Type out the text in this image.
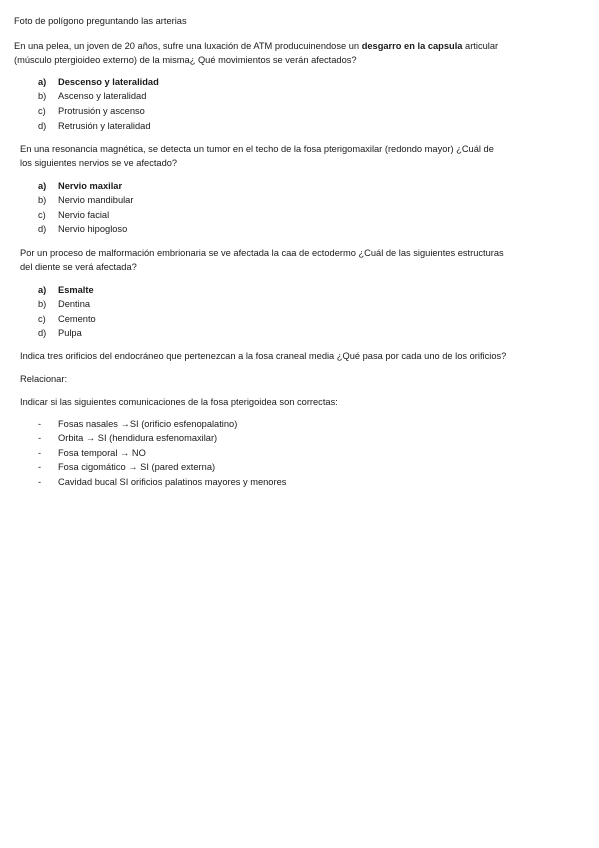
Foto de polígono preguntando las arterias
En una pelea, un joven de 20 años, sufre una luxación de ATM producuinendose un desgarro en la capsula articular
(músculo ptergioideo externo) de la misma¿ Qué movimientos se verán afectados?
a) Descenso y lateralidad
b) Ascenso y lateralidad
c) Protrusión y ascenso
d) Retrusión y lateralidad
En una resonancia magnética, se detecta un tumor en el techo de la fosa pterigomaxilar (redondo mayor) ¿Cuál de
los siguientes nervios se ve afectado?
a) Nervio maxilar
b) Nervio mandibular
c) Nervio facial
d) Nervio hipogloso
Por un proceso de malformación embrionaria se ve afectada la caa de ectodermo ¿Cuál de las siguientes estructuras
del diente se verá afectada?
a) Esmalte
b) Dentina
c) Cemento
d) Pulpa
Indica tres orificios del endocráneo que pertenezcan a la fosa craneal media ¿Qué pasa por cada uno de los orificios?
Relacionar:
Indicar si las siguientes comunicaciones de la fosa pterigoidea son correctas:
- Fosas nasales →SI (orificio esfenopalatino)
- Orbita → SI (hendidura esfenomaxilar)
- Fosa temporal → NO
- Fosa cigomático → SI (pared externa)
- Cavidad bucal SI orificios palatinos mayores y menores
